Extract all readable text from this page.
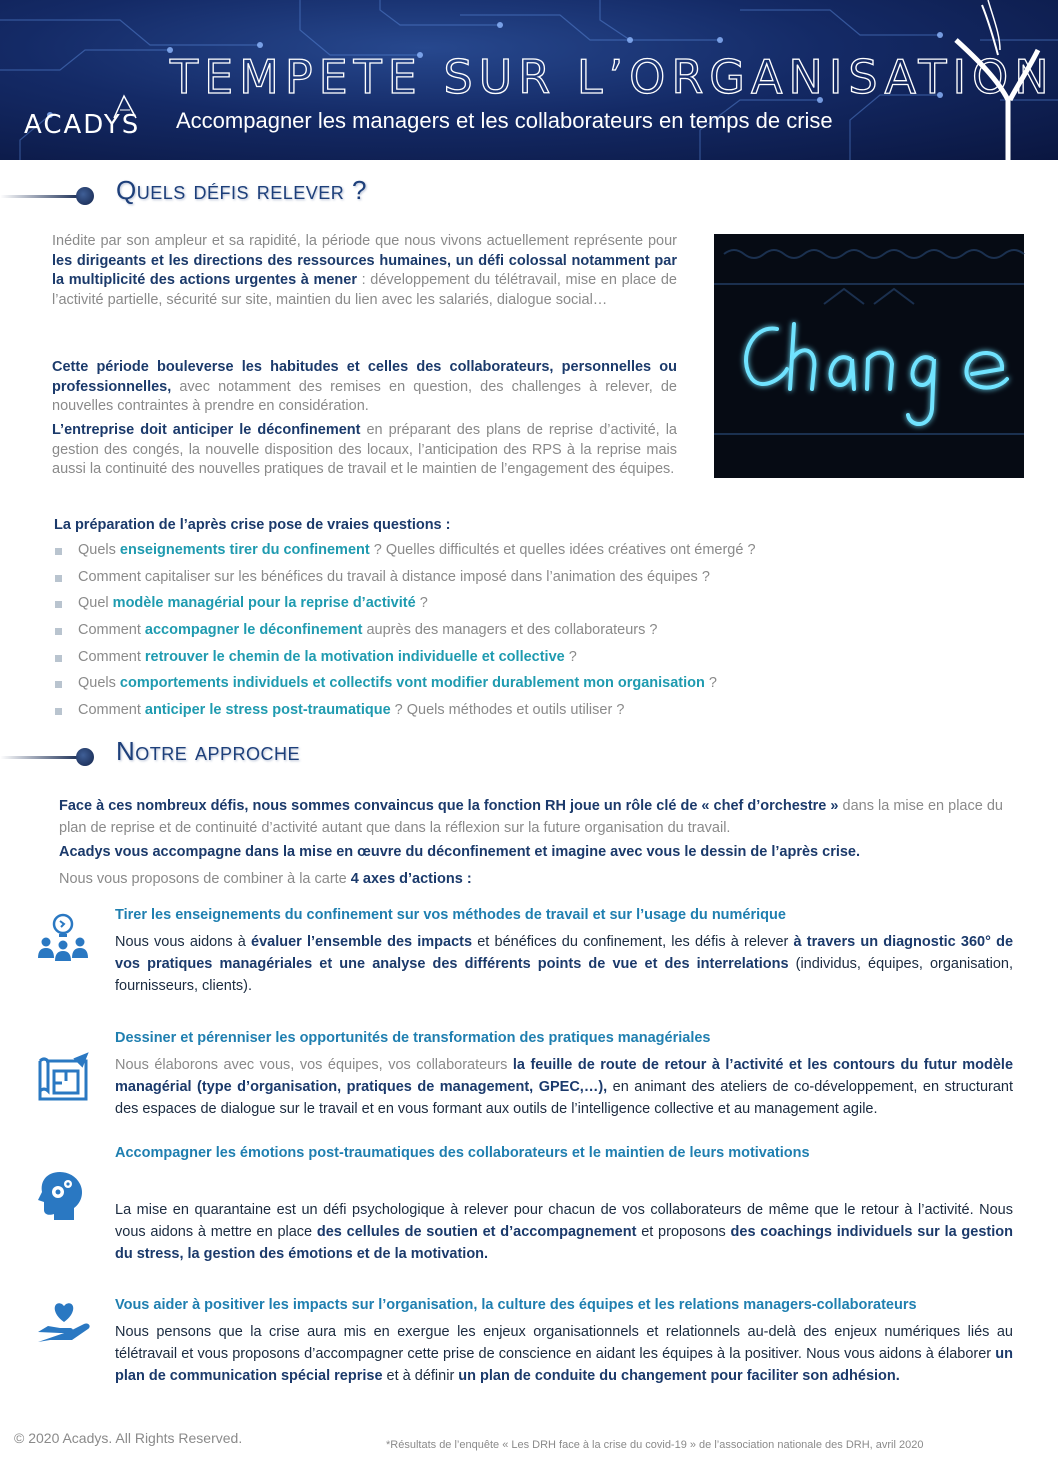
TEMPETE SUR L’ORGANISATION
Accompagner les managers et les collaborateurs en temps de crise
ACADYS
Quels défis relever ?
Inédite par son ampleur et sa rapidité, la période que nous vivons actuellement représente pour les dirigeants et les directions des ressources humaines, un défi colossal notamment par la multiplicité des actions urgentes à mener : développement du télétravail, mise en place de l’activité partielle, sécurité sur site, maintien du lien avec les salariés, dialogue social…
Cette période bouleverse les habitudes et celles des collaborateurs, personnelles ou professionnelles, avec notamment des remises en question, des challenges à relever, de nouvelles contraintes à prendre en considération.
L’entreprise doit anticiper le déconfinement en préparant des plans de reprise d’activité, la gestion des congés, la nouvelle disposition des locaux, l’anticipation des RPS à la reprise mais aussi la continuité des nouvelles pratiques de travail et le maintien de l’engagement des équipes.
Change
La préparation de l’après crise pose de vraies questions :
Quels enseignements tirer du confinement ? Quelles difficultés et quelles idées créatives ont émergé ?
Comment capitaliser sur les bénéfices du travail à distance imposé dans l’animation des équipes ?
Quel modèle managérial pour la reprise d’activité ?
Comment accompagner le déconfinement auprès des managers et des collaborateurs ?
Comment retrouver le chemin de la motivation individuelle et collective ?
Quels comportements individuels et collectifs vont modifier durablement mon organisation ?
Comment anticiper le stress post-traumatique ? Quels méthodes et outils utiliser ?
Notre approche
Face à ces nombreux défis, nous sommes convaincus que la fonction RH joue un rôle clé de « chef d’orchestre » dans la mise en place du plan de reprise et de continuité d’activité autant que dans la réflexion sur la future organisation du travail.
Acadys vous accompagne dans la mise en œuvre du déconfinement et imagine avec vous le dessin de l’après crise.
Nous vous proposons de combiner à la carte 4 axes d’actions :
Tirer les enseignements du confinement sur vos méthodes de travail et sur l’usage du numérique
Nous vous aidons à évaluer l’ensemble des impacts et bénéfices du confinement, les défis à relever à travers un diagnostic 360° de vos pratiques managériales et une analyse des différents points de vue et des interrelations (individus, équipes, organisation, fournisseurs, clients).
Dessiner et pérenniser les opportunités de transformation des pratiques managériales
Nous élaborons avec vous, vos équipes, vos collaborateurs la feuille de route de retour à l’activité et les contours du futur modèle managérial (type d’organisation, pratiques de management, GPEC,…), en animant des ateliers de co-développement, en structurant des espaces de dialogue sur le travail et en vous formant aux outils de l’intelligence collective et au management agile.
Accompagner les émotions post-traumatiques des collaborateurs et le maintien de leurs motivations
La mise en quarantaine est un défi psychologique à relever pour chacun de vos collaborateurs de même que le retour à l’activité. Nous vous aidons à mettre en place des cellules de soutien et d’accompagnement et proposons des coachings individuels sur la gestion du stress, la gestion des émotions et de la motivation.
Vous aider à positiver les impacts sur l’organisation, la culture des équipes et les relations managers-collaborateurs
Nous pensons que la crise aura mis en exergue les enjeux organisationnels et relationnels au-delà des enjeux numériques liés au télétravail et vous proposons d’accompagner cette prise de conscience en aidant les équipes à la positiver. Nous vous aidons à élaborer un plan de communication spécial reprise et à définir un plan de conduite du changement pour faciliter son adhésion.
© 2020 Acadys. All Rights Reserved.	*Résultats de l’enquête « Les DRH face à la crise du covid-19 » de l’association nationale des DRH, avril 2020
